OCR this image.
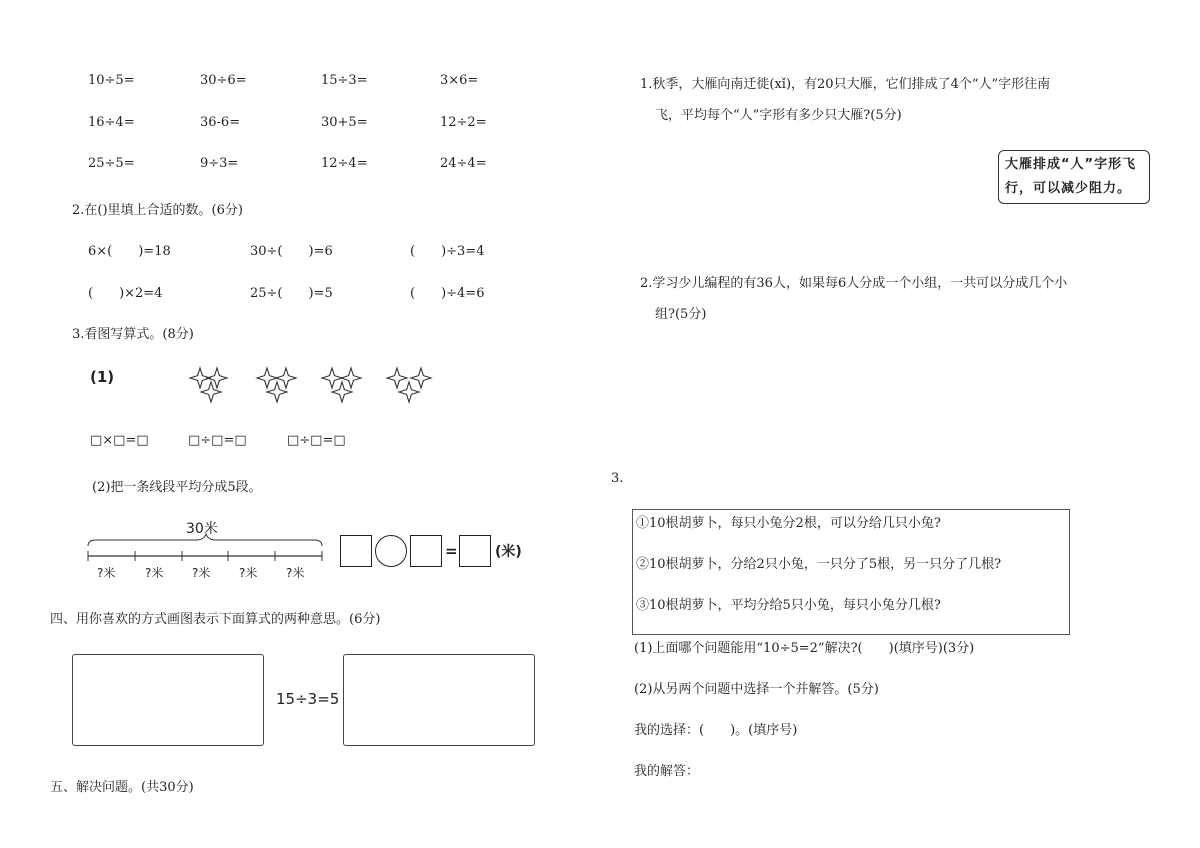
10÷5=	30÷6=	15÷3=	3×6=
16÷4=	36-6=	30+5=	12÷2=
25÷5=	9÷3=	12÷4=	24÷4=
2.在()里填上合适的数。(6分)
6×(　　)=18	30÷(　　)=6	(　　)÷3=4
(　　)×2=4	25÷(　　)=5	(　　)÷4=6
3.看图写算式。(8分)
(1)
□×□=□	□÷□=□	□÷□=□
(2)把一条线段平均分成5段。
30米
?米 ?米 ?米 ?米 ?米
=	(米)
四、用你喜欢的方式画图表示下面算式的两种意思。(6分)
15÷3=5
五、解决问题。(共30分)
1.秋季，大雁向南迁徙(xǐ)，有20只大雁，它们排成了4个“人”字形往南
飞，平均每个“人”字形有多少只大雁?(5分)
大雁排成“人”字形飞
行，可以减少阻力。
2.学习少儿编程的有36人，如果每6人分成一个小组，一共可以分成几个小
组?(5分)
3.
①10根胡萝卜，每只小兔分2根，可以分给几只小兔?
②10根胡萝卜，分给2只小兔，一只分了5根，另一只分了几根?
③10根胡萝卜，平均分给5只小兔，每只小兔分几根?
(1)上面哪个问题能用“10÷5=2”解决?(　　)(填序号)(3分)
(2)从另两个问题中选择一个并解答。(5分)
我的选择：(　　)。(填序号)
我的解答：
